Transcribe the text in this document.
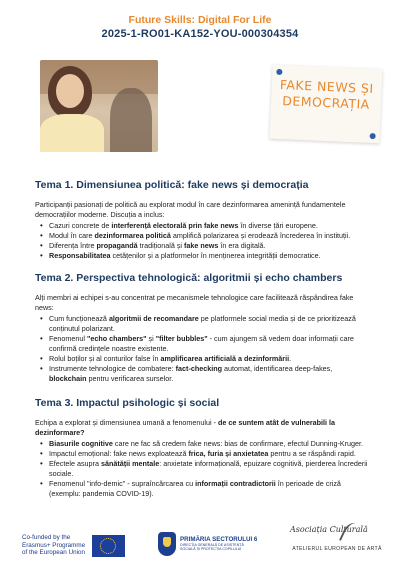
Future Skills: Digital For Life
2025-1-RO01-KA152-YOU-000304354
FAKE NEWS ȘI
DEMOCRAȚIA
Tema 1. Dimensiunea politică: fake news și democrația

Participanții pasionați de politică au explorat modul în care dezinformarea amenință fundamentele democrațiilor moderne. Discuția a inclus:

• Cazuri concrete de interferență electorală prin fake news în diverse țări europene.
• Modul în care dezinformarea politică amplifică polarizarea și erodează încrederea în instituții.
• Diferența între propagandă tradițională și fake news în era digitală.
• Responsabilitatea cetățenilor și a platformelor în menținerea integrității democratice.
Tema 2. Perspectiva tehnologică: algoritmii și echo chambers

Alți membri ai echipei s-au concentrat pe mecanismele tehnologice care facilitează răspândirea fake news:

• Cum funcționează algoritmii de recomandare pe platformele social media și de ce prioritizează conținutul polarizant.
• Fenomenul "echo chambers" și "filter bubbles" - cum ajungem să vedem doar informații care confirmă credințele noastre existente.
• Rolul boților și al conturilor false în amplificarea artificială a dezinformării.
• Instrumente tehnologice de combatere: fact-checking automat, identificarea deep-fakes, blockchain pentru verificarea surselor.
Tema 3. Impactul psihologic și social

Echipa a explorat și dimensiunea umană a fenomenului - de ce suntem atât de vulnerabili la dezinformare?

• Biasurile cognitive care ne fac să credem fake news: bias de confirmare, efectul Dunning-Kruger.
• Impactul emoțional: fake news exploatează frica, furia și anxietatea pentru a se răspândi rapid.
• Efectele asupra sănătății mentale: anxietate informațională, epuizare cognitivă, pierderea încrederii sociale.
• Fenomenul "info-demic" - supraîncărcarea cu informații contradictorii în perioade de criză (exemplu: pandemia COVID-19).
Co-funded by the Erasmus+ Programme of the European Union
PRIMĂRIA SECTORULUI 6
DIRECȚIA GENERALĂ DE ASISTENȚĂ SOCIALĂ ȘI PROTECȚIA COPILULUI
Asociația Culturală
ATELIERUL EUROPEAN DE ARTĂ
